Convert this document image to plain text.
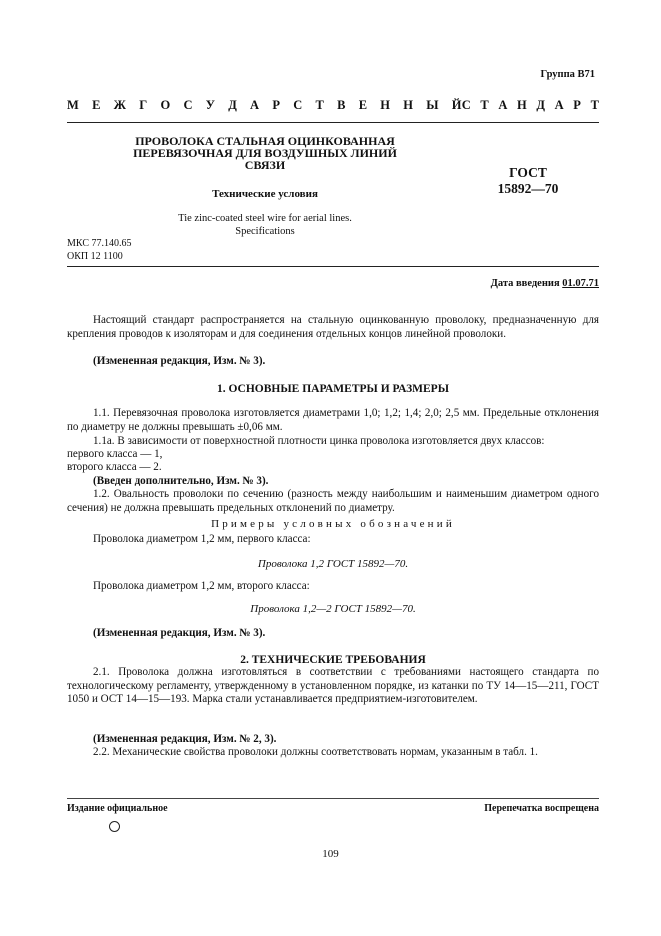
Группа В71
М Е Ж Г О С У Д А Р С Т В Е Н Н Ы Й С Т А Н Д А Р Т
ПРОВОЛОКА СТАЛЬНАЯ ОЦИНКОВАННАЯ
ПЕРЕВЯЗОЧНАЯ ДЛЯ ВОЗДУШНЫХ ЛИНИЙ
СВЯЗИ	ГОСТ
15892—70
Технические условия
Tie zinc-coated steel wire for aerial lines.
Specifications
МКС 77.140.65
ОКП 12 1100
Дата введения 01.07.71
Настоящий стандарт распространяется на стальную оцинкованную проволоку, предназначенную для крепления проводов к изоляторам и для соединения отдельных концов линейной проволоки.
(Измененная редакция, Изм. № 3).
1. ОСНОВНЫЕ ПАРАМЕТРЫ И РАЗМЕРЫ
1.1. Перевязочная проволока изготовляется диаметрами 1,0; 1,2; 1,4; 2,0; 2,5 мм. Предельные отклонения по диаметру не должны превышать ±0,06 мм.
1.1а. В зависимости от поверхностной плотности цинка проволока изготовляется двух классов:
первого класса — 1,
второго класса — 2.
(Введен дополнительно, Изм. № 3).
1.2. Овальность проволоки по сечению (разность между наибольшим и наименьшим диаметром одного сечения) не должна превышать предельных отклонений по диаметру.
Примеры условных обозначений
Проволока диаметром 1,2 мм, первого класса:
Проволока 1,2 ГОСТ 15892—70.
Проволока диаметром 1,2 мм, второго класса:
Проволока 1,2—2 ГОСТ 15892—70.
(Измененная редакция, Изм. № 3).
2. ТЕХНИЧЕСКИЕ ТРЕБОВАНИЯ
2.1. Проволока должна изготовляться в соответствии с требованиями настоящего стандарта по технологическому регламенту, утвержденному в установленном порядке, из катанки по ТУ 14—15—211, ГОСТ 1050 и ОСТ 14—15—193. Марка стали устанавливается предприятием-изготовителем.
(Измененная редакция, Изм. № 2, 3).
2.2. Механические свойства проволоки должны соответствовать нормам, указанным в табл. 1.
Издание официальное	Перепечатка воспрещена
109
